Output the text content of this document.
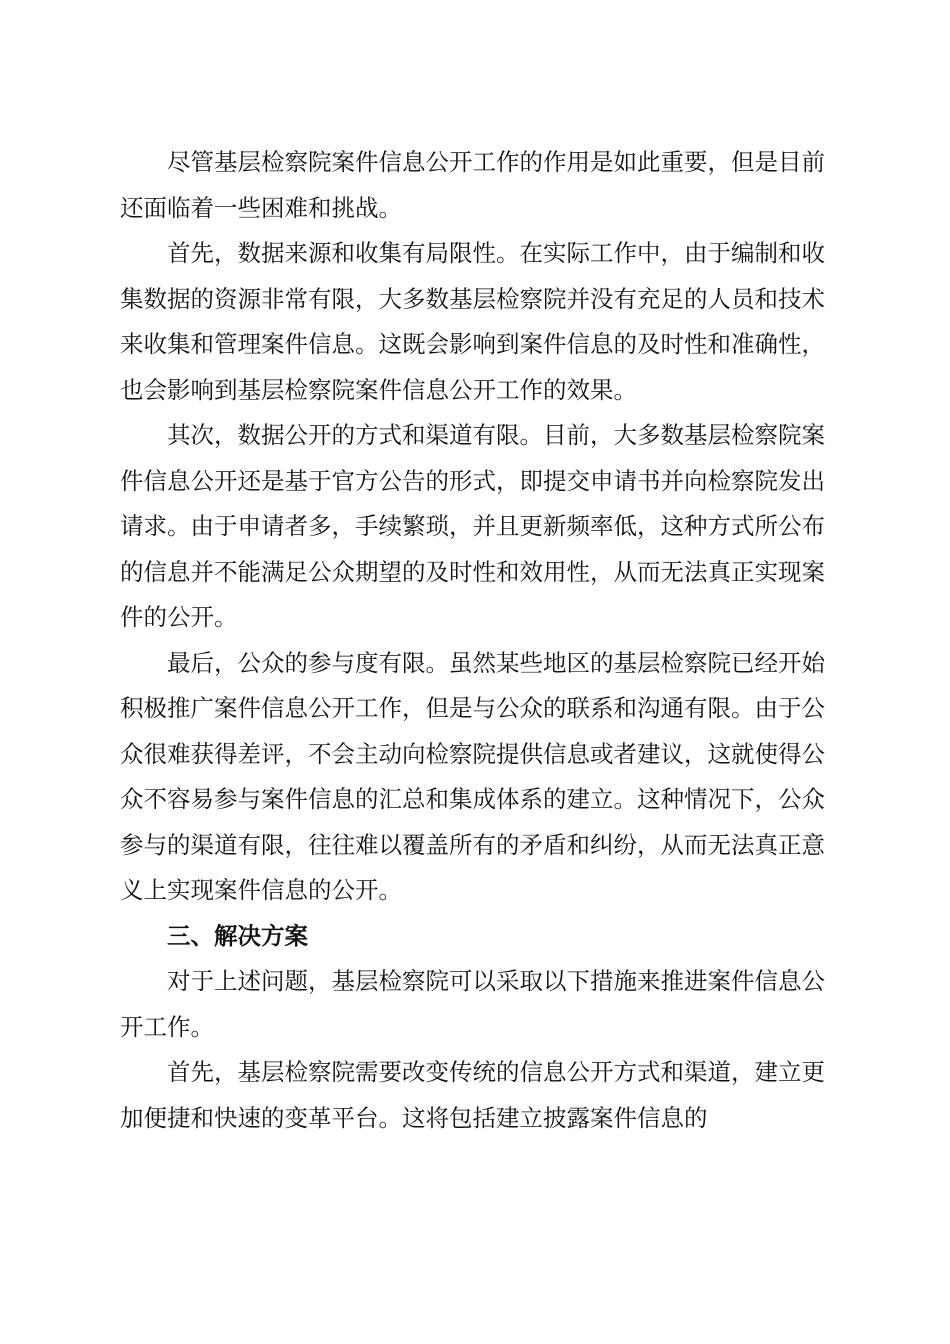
尽管基层检察院案件信息公开工作的作用是如此重要，但是目前还面临着一些困难和挑战。

首先，数据来源和收集有局限性。在实际工作中，由于编制和收集数据的资源非常有限，大多数基层检察院并没有充足的人员和技术来收集和管理案件信息。这既会影响到案件信息的及时性和准确性，也会影响到基层检察院案件信息公开工作的效果。

其次，数据公开的方式和渠道有限。目前，大多数基层检察院案件信息公开还是基于官方公告的形式，即提交申请书并向检察院发出请求。由于申请者多，手续繁琐，并且更新频率低，这种方式所公布的信息并不能满足公众期望的及时性和效用性，从而无法真正实现案件的公开。

最后，公众的参与度有限。虽然某些地区的基层检察院已经开始积极推广案件信息公开工作，但是与公众的联系和沟通有限。由于公众很难获得差评，不会主动向检察院提供信息或者建议，这就使得公众不容易参与案件信息的汇总和集成体系的建立。这种情况下，公众参与的渠道有限，往往难以覆盖所有的矛盾和纠纷，从而无法真正意义上实现案件信息的公开。

三、解决方案

对于上述问题，基层检察院可以采取以下措施来推进案件信息公开工作。

首先，基层检察院需要改变传统的信息公开方式和渠道，建立更加便捷和快速的变革平台。这将包括建立披露案件信息的
